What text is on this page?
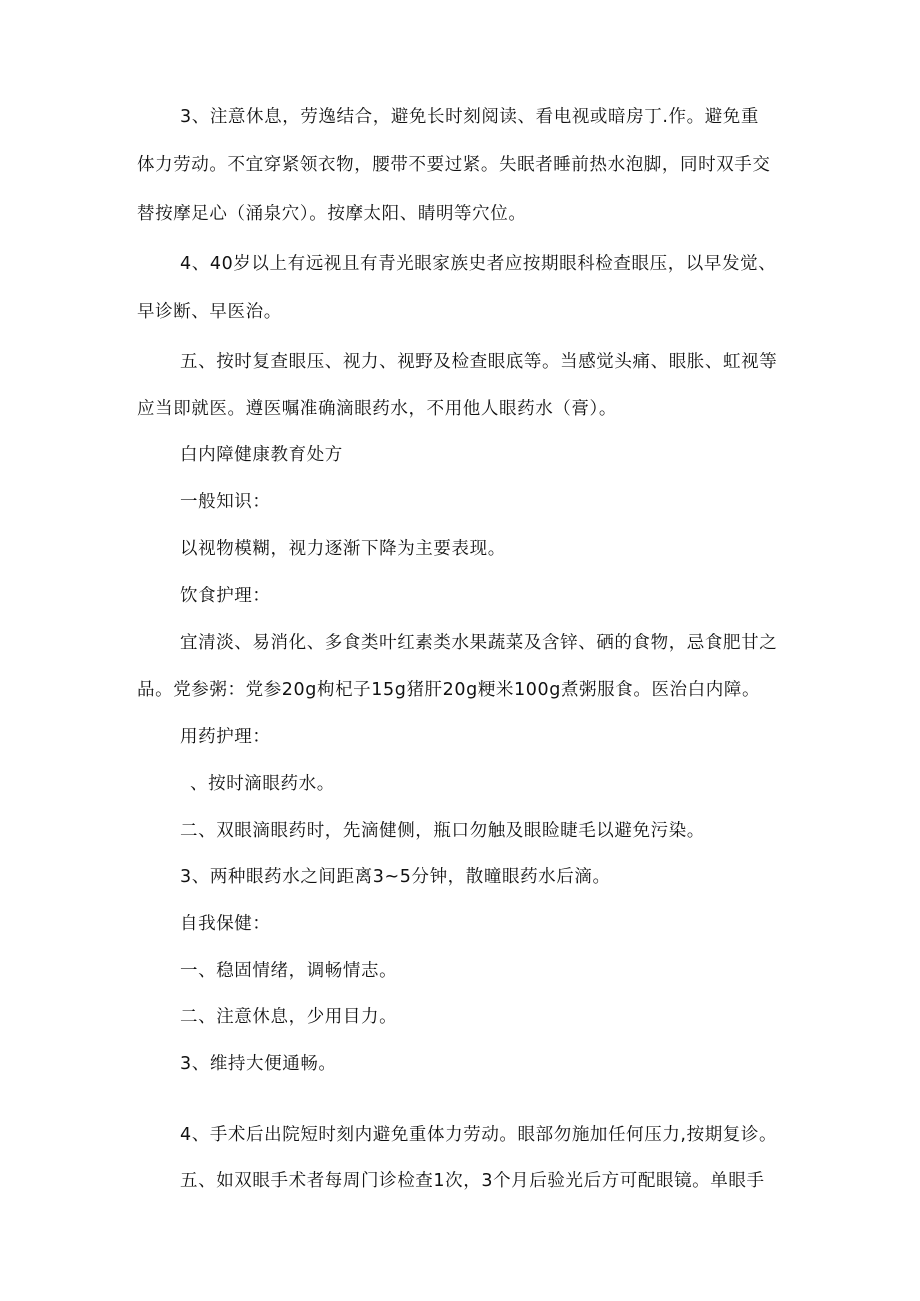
3、注意休息，劳逸结合，避免长时刻阅读、看电视或暗房丁.作。避免重
体力劳动。不宜穿紧领衣物，腰带不要过紧。失眠者睡前热水泡脚，同时双手交
替按摩足心（涌泉穴）。按摩太阳、睛明等穴位。
4、40岁以上有远视且有青光眼家族史者应按期眼科检查眼压，以早发觉、
早诊断、早医治。
五、按时复查眼压、视力、视野及检查眼底等。当感觉头痛、眼胀、虹视等
应当即就医。遵医嘱准确滴眼药水，不用他人眼药水（膏）。
白内障健康教育处方
一般知识：
以视物模糊，视力逐渐下降为主要表现。
饮食护理：
宜清淡、易消化、多食类叶红素类水果蔬菜及含锌、硒的食物，忌食肥甘之
品。党参粥：党参20g枸杞子15g猪肝20g粳米100g煮粥服食。医治白内障。
用药护理：
、按时滴眼药水。
二、双眼滴眼药时，先滴健侧，瓶口勿触及眼睑睫毛以避免污染。
3、两种眼药水之间距离3~5分钟，散曈眼药水后滴。
自我保健：
一、稳固情绪，调畅情志。
二、注意休息，少用目力。
3、维持大便通畅。
4、手术后出院短时刻内避免重体力劳动。眼部勿施加任何压力,按期复诊。
五、如双眼手术者每周门诊检查1次，3个月后验光后方可配眼镜。单眼手
